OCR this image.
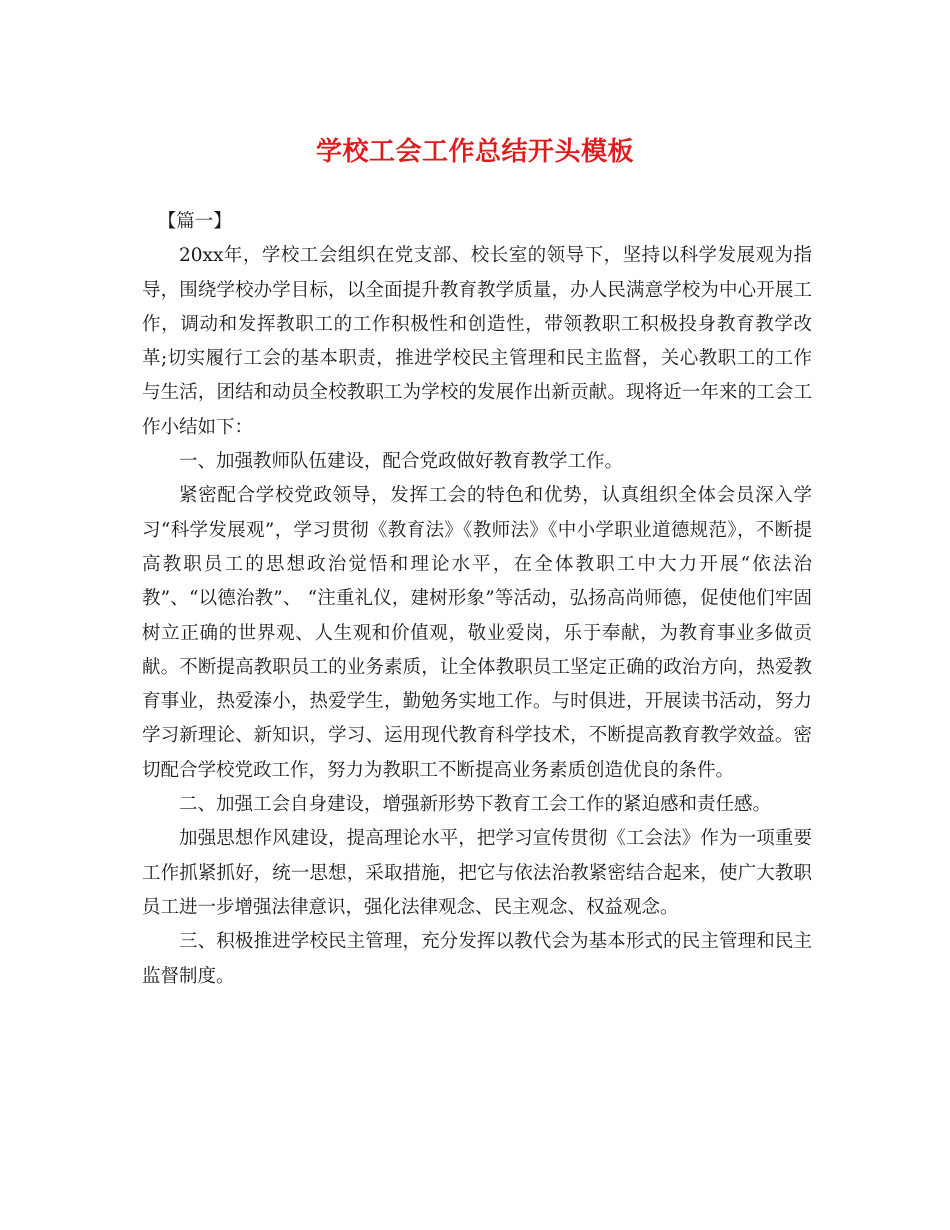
学校工会工作总结开头模板

【篇一】

20xx年，学校工会组织在党支部、校长室的领导下，坚持以科学发展观为指导，围绕学校办学目标，以全面提升教育教学质量，办人民满意学校为中心开展工作，调动和发挥教职工的工作积极性和创造性，带领教职工积极投身教育教学改革;切实履行工会的基本职责，推进学校民主管理和民主监督，关心教职工的工作与生活，团结和动员全校教职工为学校的发展作出新贡献。现将近一年来的工会工作小结如下：

一、加强教师队伍建设，配合党政做好教育教学工作。

紧密配合学校党政领导，发挥工会的特色和优势，认真组织全体会员深入学习“科学发展观”，学习贯彻《教育法》《教师法》《中小学职业道德规范》，不断提高教职员工的思想政治觉悟和理论水平，在全体教职工中大力开展“依法治教”、“以德治教”、 “注重礼仪，建树形象”等活动，弘扬高尚师德，促使他们牢固树立正确的世界观、人生观和价值观，敬业爱岗，乐于奉献，为教育事业多做贡献。不断提高教职员工的业务素质，让全体教职员工坚定正确的政治方向，热爱教育事业，热爱溱小，热爱学生，勤勉务实地工作。与时俱进，开展读书活动，努力学习新理论、新知识，学习、运用现代教育科学技术，不断提高教育教学效益。密切配合学校党政工作，努力为教职工不断提高业务素质创造优良的条件。

二、加强工会自身建设，增强新形势下教育工会工作的紧迫感和责任感。

加强思想作风建设，提高理论水平，把学习宣传贯彻《工会法》作为一项重要工作抓紧抓好，统一思想，采取措施，把它与依法治教紧密结合起来，使广大教职员工进一步增强法律意识，强化法律观念、民主观念、权益观念。

三、积极推进学校民主管理，充分发挥以教代会为基本形式的民主管理和民主监督制度。
